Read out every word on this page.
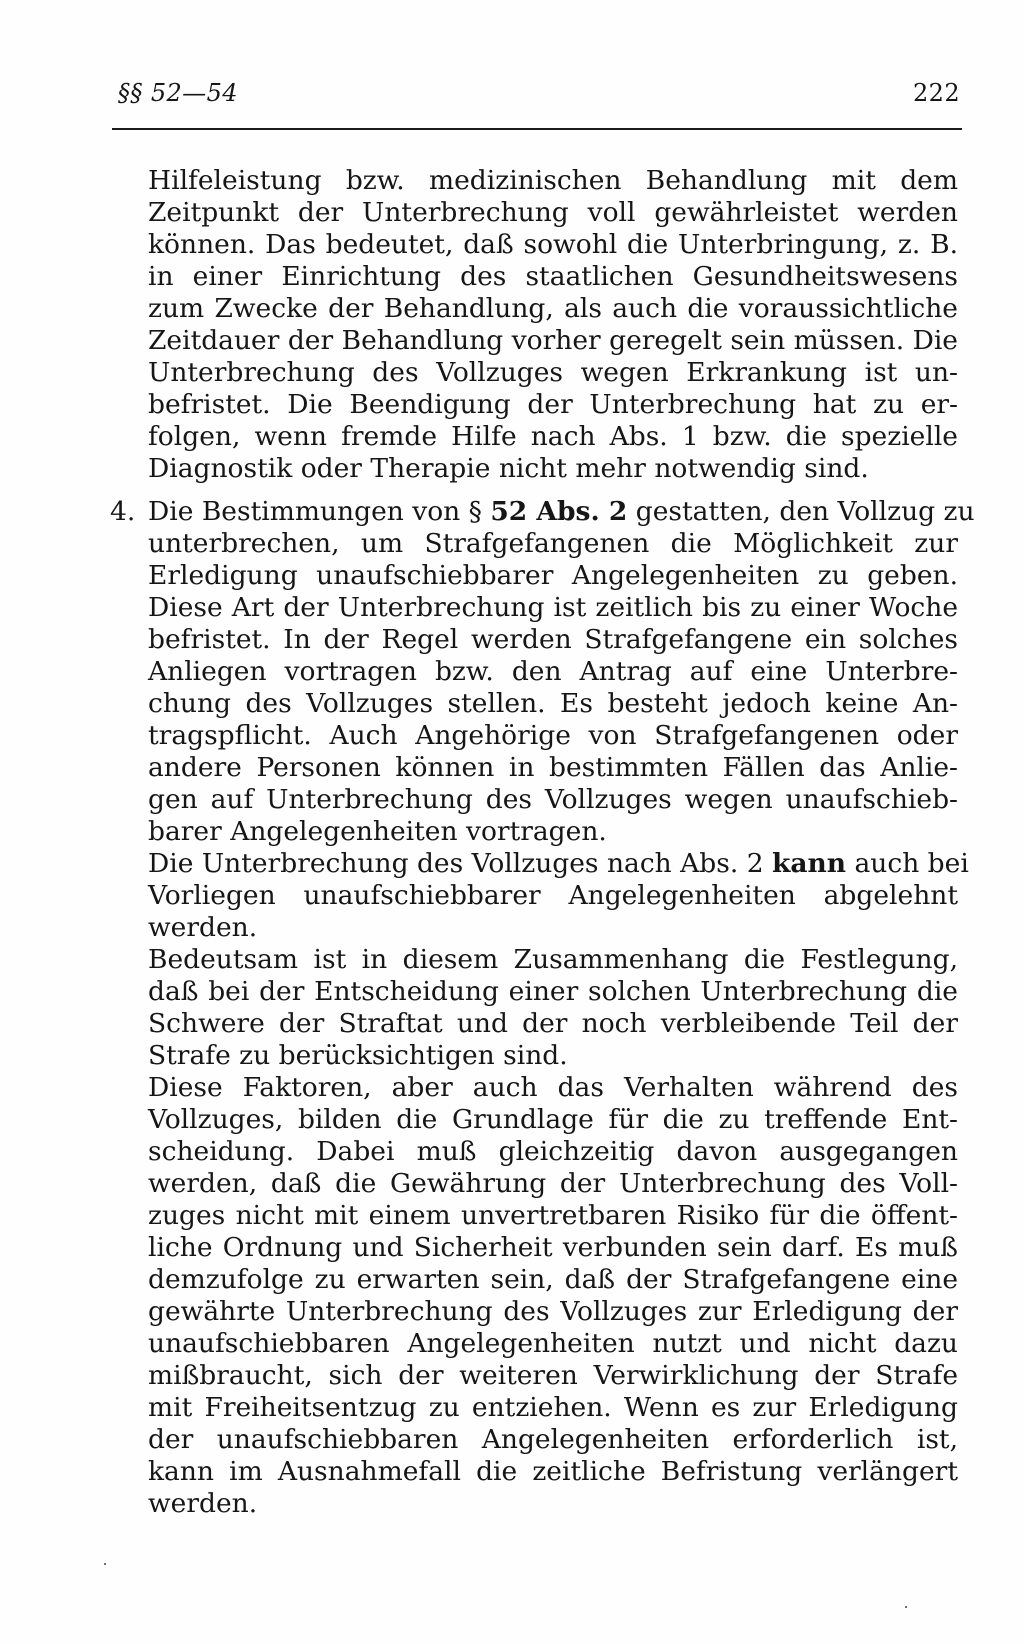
§§ 52—54	222
Hilfeleistung bzw. medizinischen Behandlung mit dem
Zeitpunkt der Unterbrechung voll gewährleistet werden
können. Das bedeutet, daß sowohl die Unterbringung, z. B.
in einer Einrichtung des staatlichen Gesundheitswesens
zum Zwecke der Behandlung, als auch die voraussichtliche
Zeitdauer der Behandlung vorher geregelt sein müssen. Die
Unterbrechung des Vollzuges wegen Erkrankung ist un-
befristet. Die Beendigung der Unterbrechung hat zu er-
folgen, wenn fremde Hilfe nach Abs. 1 bzw. die spezielle
Diagnostik oder Therapie nicht mehr notwendig sind.
4. Die Bestimmungen von § 52 Abs. 2 gestatten, den Vollzug zu
unterbrechen, um Strafgefangenen die Möglichkeit zur
Erledigung unaufschiebbarer Angelegenheiten zu geben.
Diese Art der Unterbrechung ist zeitlich bis zu einer Woche
befristet. In der Regel werden Strafgefangene ein solches
Anliegen vortragen bzw. den Antrag auf eine Unterbre-
chung des Vollzuges stellen. Es besteht jedoch keine An-
tragspflicht. Auch Angehörige von Strafgefangenen oder
andere Personen können in bestimmten Fällen das Anlie-
gen auf Unterbrechung des Vollzuges wegen unaufschieb-
barer Angelegenheiten vortragen.
Die Unterbrechung des Vollzuges nach Abs. 2 kann auch bei
Vorliegen unaufschiebbarer Angelegenheiten abgelehnt
werden.
Bedeutsam ist in diesem Zusammenhang die Festlegung,
daß bei der Entscheidung einer solchen Unterbrechung die
Schwere der Straftat und der noch verbleibende Teil der
Strafe zu berücksichtigen sind.
Diese Faktoren, aber auch das Verhalten während des
Vollzuges, bilden die Grundlage für die zu treffende Ent-
scheidung. Dabei muß gleichzeitig davon ausgegangen
werden, daß die Gewährung der Unterbrechung des Voll-
zuges nicht mit einem unvertretbaren Risiko für die öffent-
liche Ordnung und Sicherheit verbunden sein darf. Es muß
demzufolge zu erwarten sein, daß der Strafgefangene eine
gewährte Unterbrechung des Vollzuges zur Erledigung der
unaufschiebbaren Angelegenheiten nutzt und nicht dazu
mißbraucht, sich der weiteren Verwirklichung der Strafe
mit Freiheitsentzug zu entziehen. Wenn es zur Erledigung
der unaufschiebbaren Angelegenheiten erforderlich ist,
kann im Ausnahmefall die zeitliche Befristung verlängert
werden.
